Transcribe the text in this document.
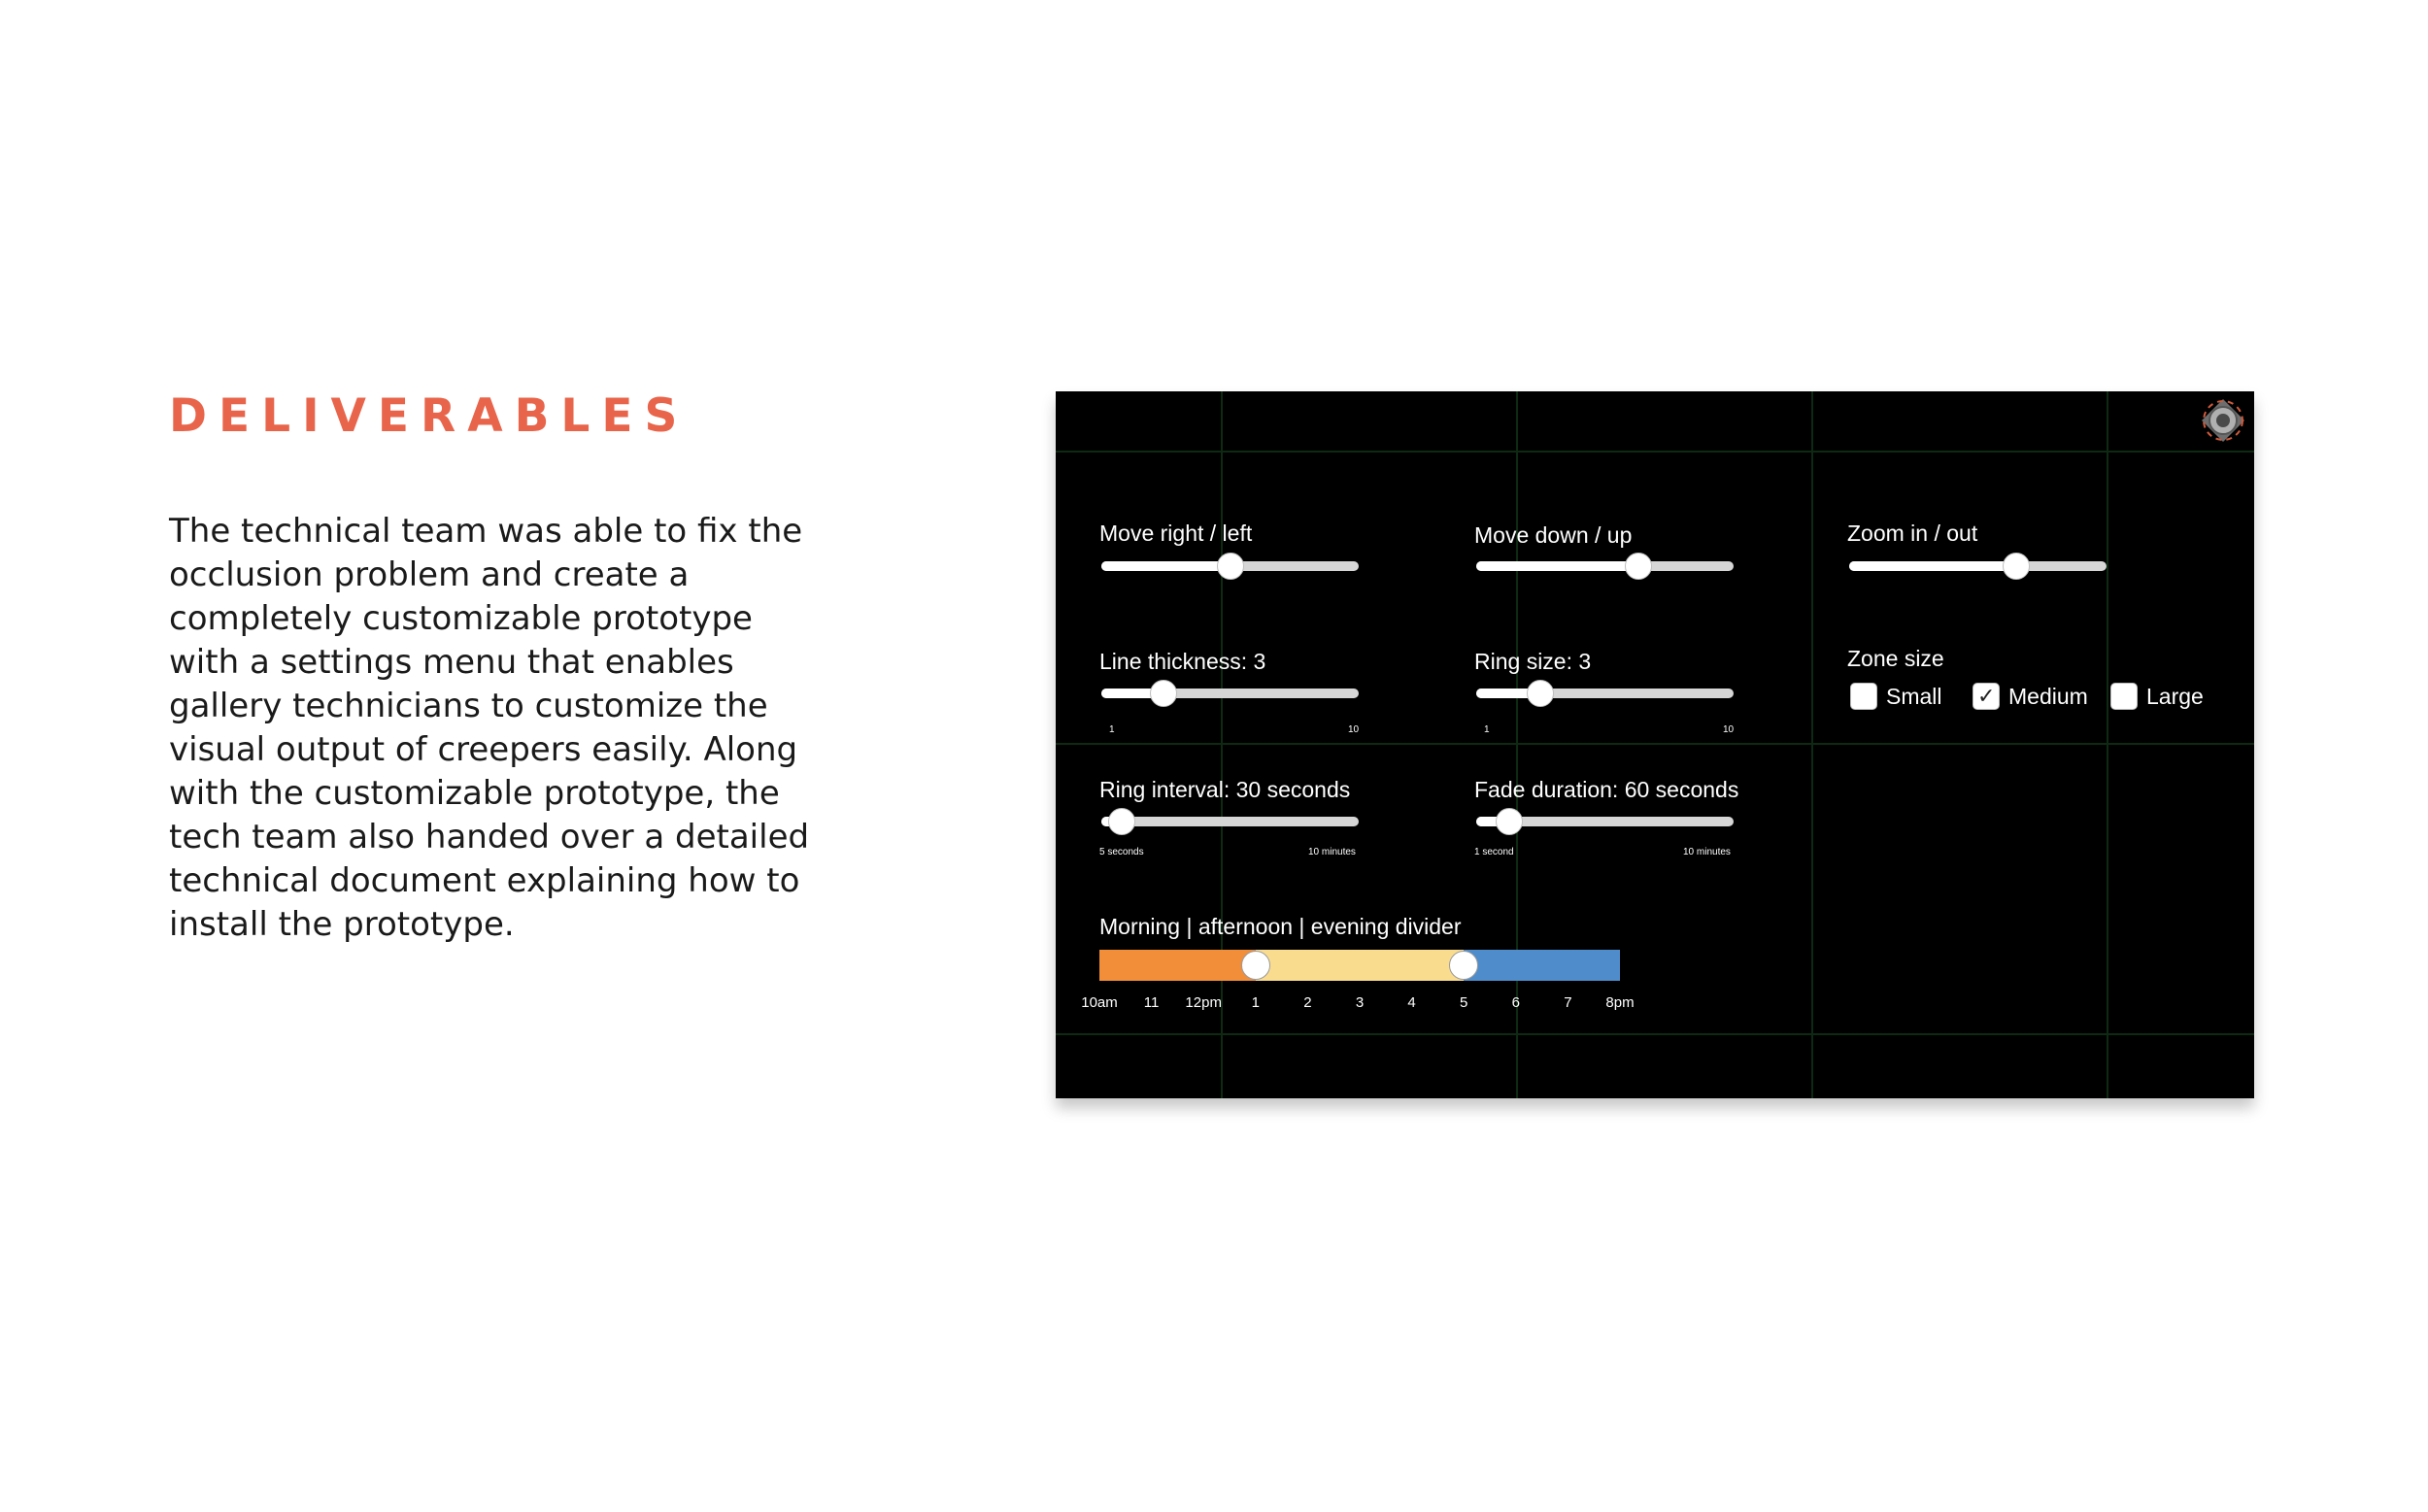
DELIVERABLES

The technical team was able to fix the occlusion problem and create a completely customizable prototype with a settings menu that enables gallery technicians to customize the visual output of creepers easily. Along with the customizable prototype, the tech team also handed over a detailed technical document explaining how to install the prototype.

Move right / left	Move down / up	Zoom in / out
Line thickness: 3
1	10
Ring size: 3
1	10
Zone size
Small ✓ Medium	Large
Ring interval: 30 seconds
5 seconds	10 minutes
Fade duration: 60 seconds
1 second	10 minutes
Morning | afternoon | evening divider
10am 11 12pm 1	2	3	4	5	6	7 8pm
